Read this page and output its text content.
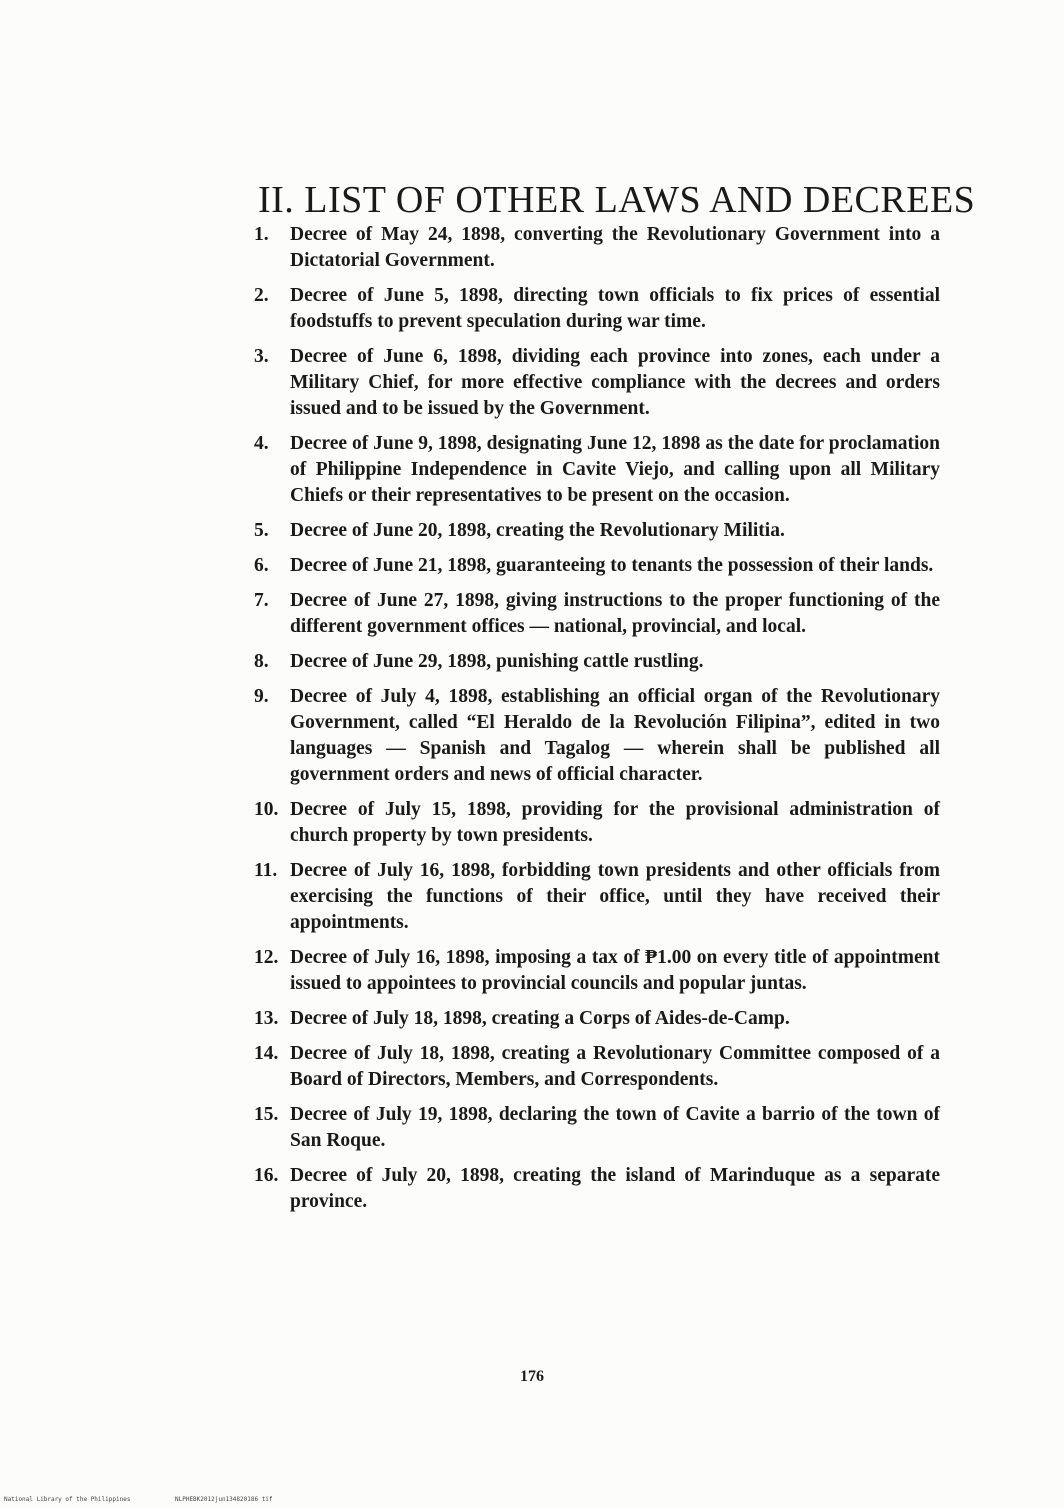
II. LIST OF OTHER LAWS AND DECREES
1. Decree of May 24, 1898, converting the Revolutionary Government into a Dictatorial Government.
2. Decree of June 5, 1898, directing town officials to fix prices of essential foodstuffs to prevent speculation during war time.
3. Decree of June 6, 1898, dividing each province into zones, each under a Military Chief, for more effective compliance with the decrees and orders issued and to be issued by the Government.
4. Decree of June 9, 1898, designating June 12, 1898 as the date for proclamation of Philippine Independence in Cavite Viejo, and calling upon all Military Chiefs or their representatives to be present on the occasion.
5. Decree of June 20, 1898, creating the Revolutionary Militia.
6. Decree of June 21, 1898, guaranteeing to tenants the possession of their lands.
7. Decree of June 27, 1898, giving instructions to the proper functioning of the different government offices — national, provincial, and local.
8. Decree of June 29, 1898, punishing cattle rustling.
9. Decree of July 4, 1898, establishing an official organ of the Revolutionary Government, called “El Heraldo de la Revolución Filipina”, edited in two languages — Spanish and Tagalog — wherein shall be published all government orders and news of official character.
10. Decree of July 15, 1898, providing for the provisional administration of church property by town presidents.
11. Decree of July 16, 1898, forbidding town presidents and other officials from exercising the functions of their office, until they have received their appointments.
12. Decree of July 16, 1898, imposing a tax of ₱1.00 on every title of appointment issued to appointees to provincial councils and popular juntas.
13. Decree of July 18, 1898, creating a Corps of Aides-de-Camp.
14. Decree of July 18, 1898, creating a Revolutionary Committee composed of a Board of Directors, Members, and Correspondents.
15. Decree of July 19, 1898, declaring the town of Cavite a barrio of the town of San Roque.
16. Decree of July 20, 1898, creating the island of Marinduque as a separate province.
176
National Library of the Philippines	NLPHEBK2012jun134820186 tif
